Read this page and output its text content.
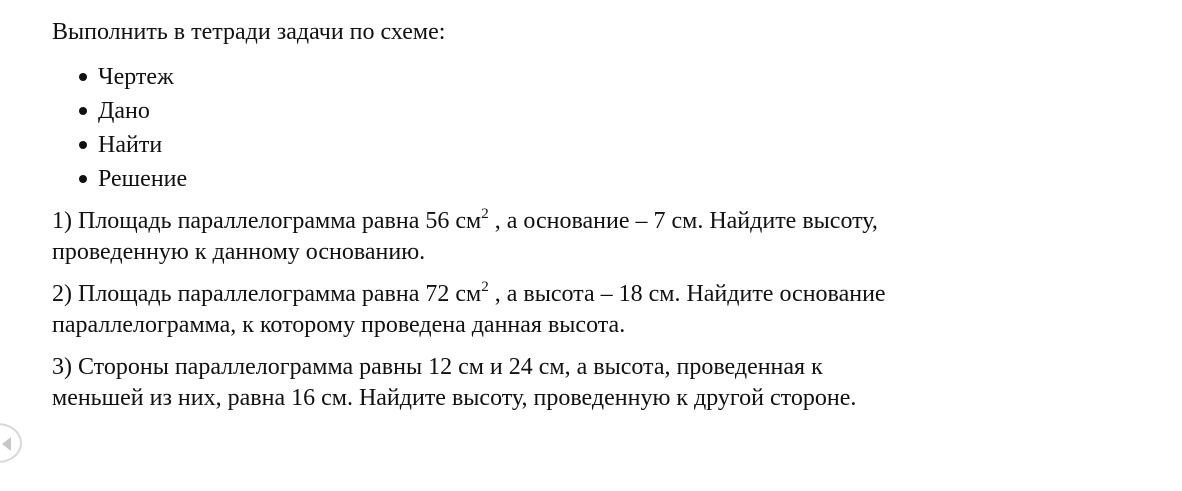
Выполнить в тетради задачи по схеме:

Чертеж
Дано
Найти
Решение

1) Площадь параллелограмма равна 56 $см^2$ , а основание – 7 см. Найдите высоту, проведенную к данному основанию.

2) Площадь параллелограмма равна 72 $см^2$ , а высота – 18 см. Найдите основание параллелограмма, к которому проведена данная высота.

3) Стороны параллелограмма равны 12 см и 24 см, а высота, проведенная к меньшей из них, равна 16 см. Найдите высоту, проведенную к другой стороне.
